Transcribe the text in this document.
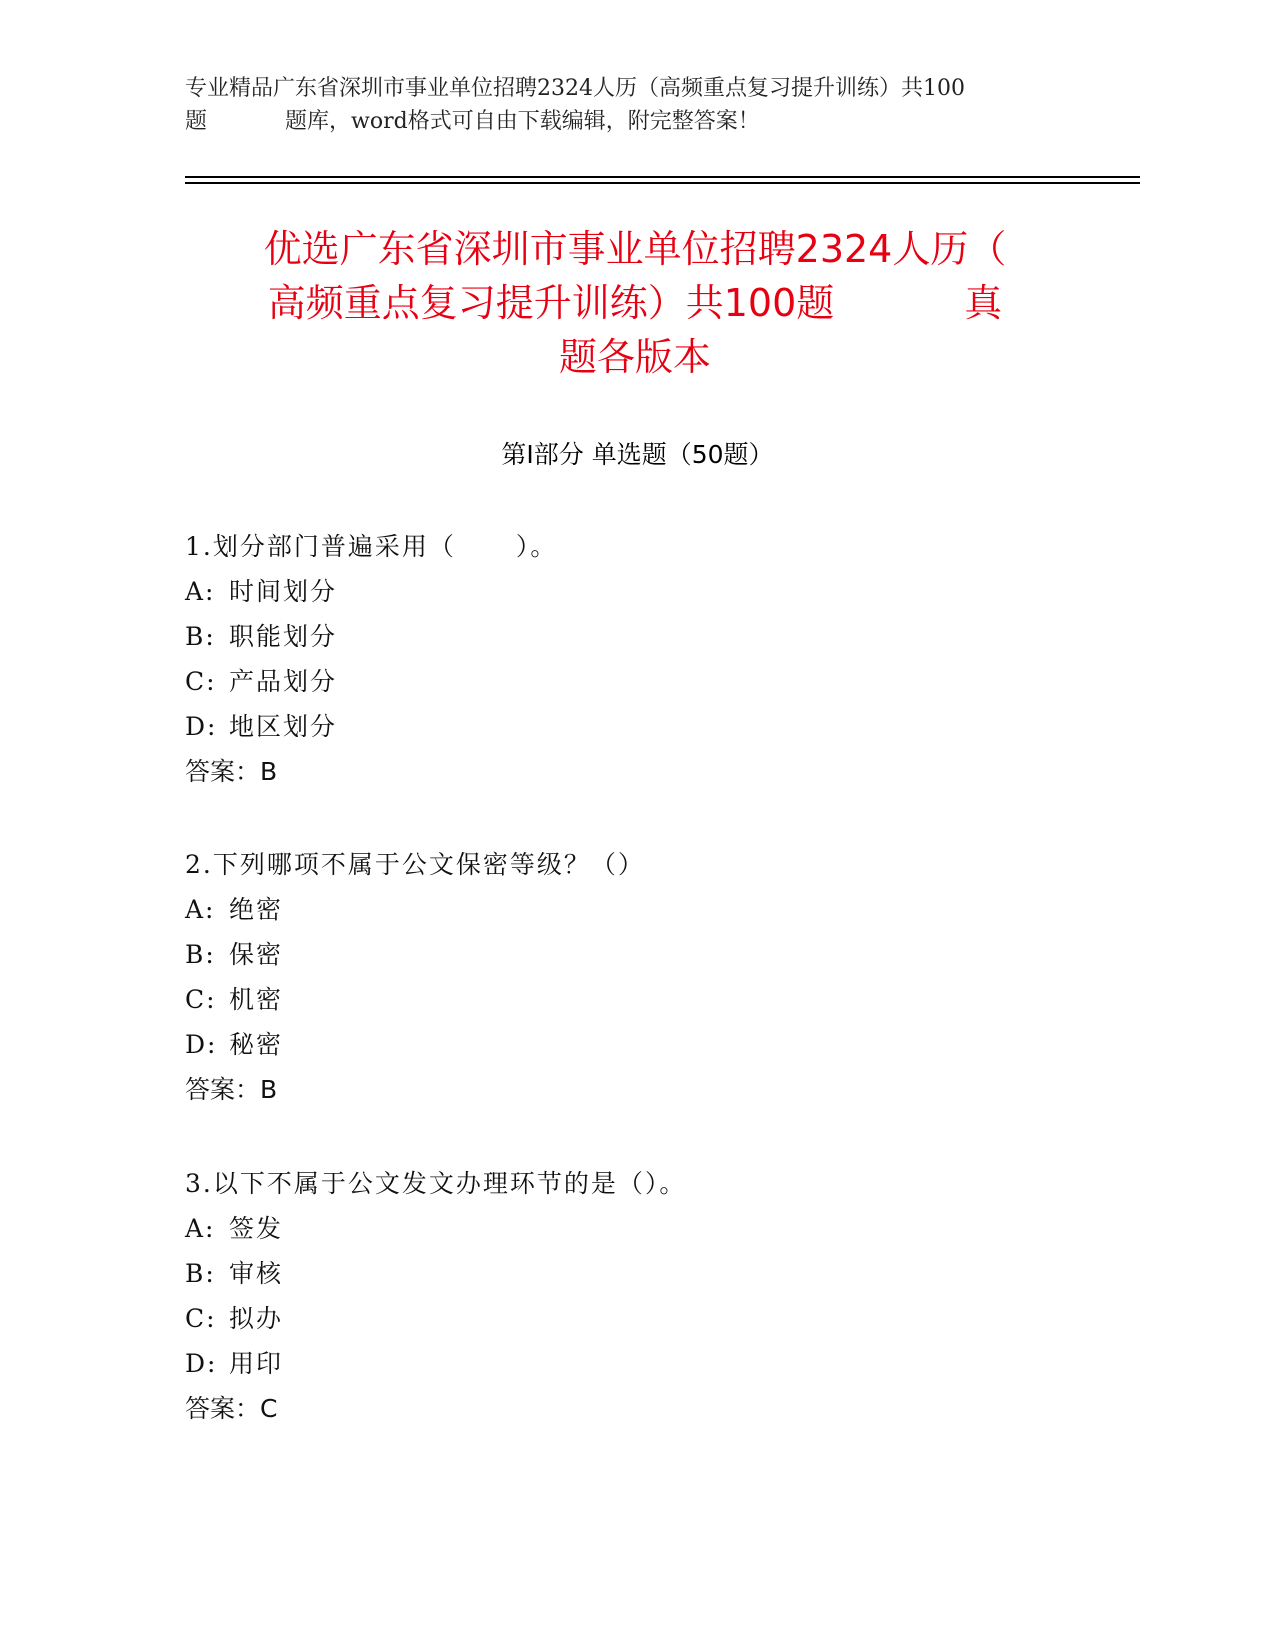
专业精品广东省深圳市事业单位招聘2324人历（高频重点复习提升训练）共100
题	题库，word格式可自由下载编辑，附完整答案！
优选广东省深圳市事业单位招聘2324人历（
高频重点复习提升训练）共100题	真
题各版本
第Ⅰ部分 单选题（50题）
1.划分部门普遍采用（ ）。
A: 时间划分
B: 职能划分
C: 产品划分
D: 地区划分
答案：B
2.下列哪项不属于公文保密等级？（）
A: 绝密
B: 保密
C: 机密
D: 秘密
答案：B
3.以下不属于公文发文办理环节的是（）。
A: 签发
B: 审核
C: 拟办
D: 用印
答案：C
